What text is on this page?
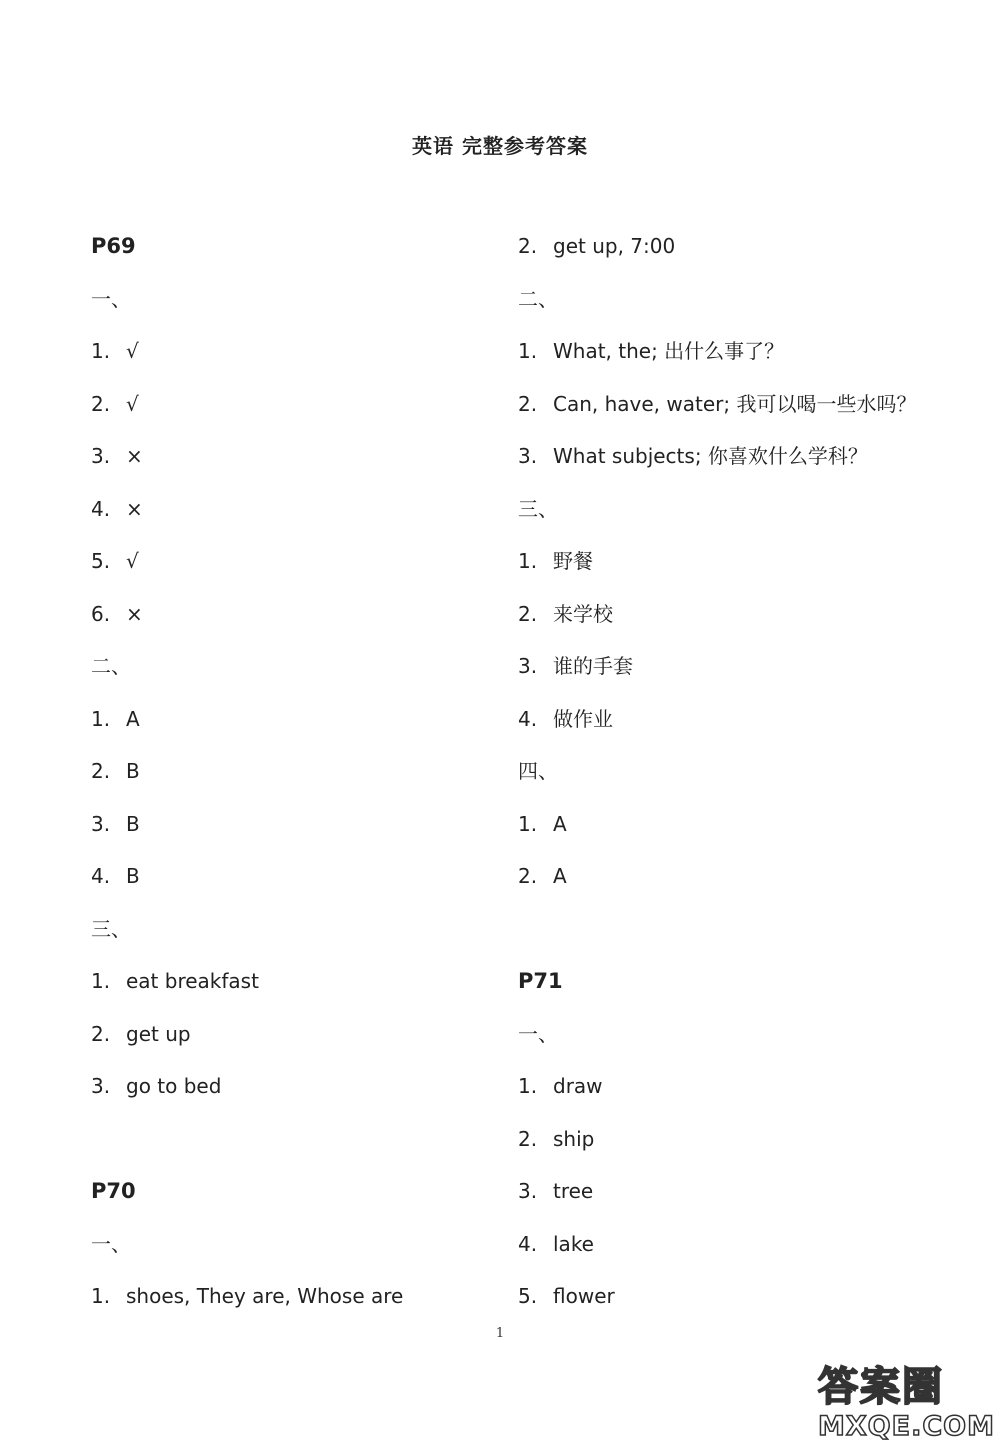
英语 完整参考答案
P69
一、
1. √
2. √
3. ×
4. ×
5. √
6. ×
二、
1. A
2. B
3. B
4. B
三、
1. eat breakfast
2. get up
3. go to bed
P70
一、
1. shoes, They are, Whose are
2. get up, 7:00
二、
1. What, the; 出什么事了？
2. Can, have, water; 我可以喝一些水吗？
3. What subjects; 你喜欢什么学科？
三、
1. 野餐
2. 来学校
3. 谁的手套
4. 做作业
四、
1. A
2. A
P71
一、
1. draw
2. ship
3. tree
4. lake
5. flower
1
答案圈
MXQE.COM
